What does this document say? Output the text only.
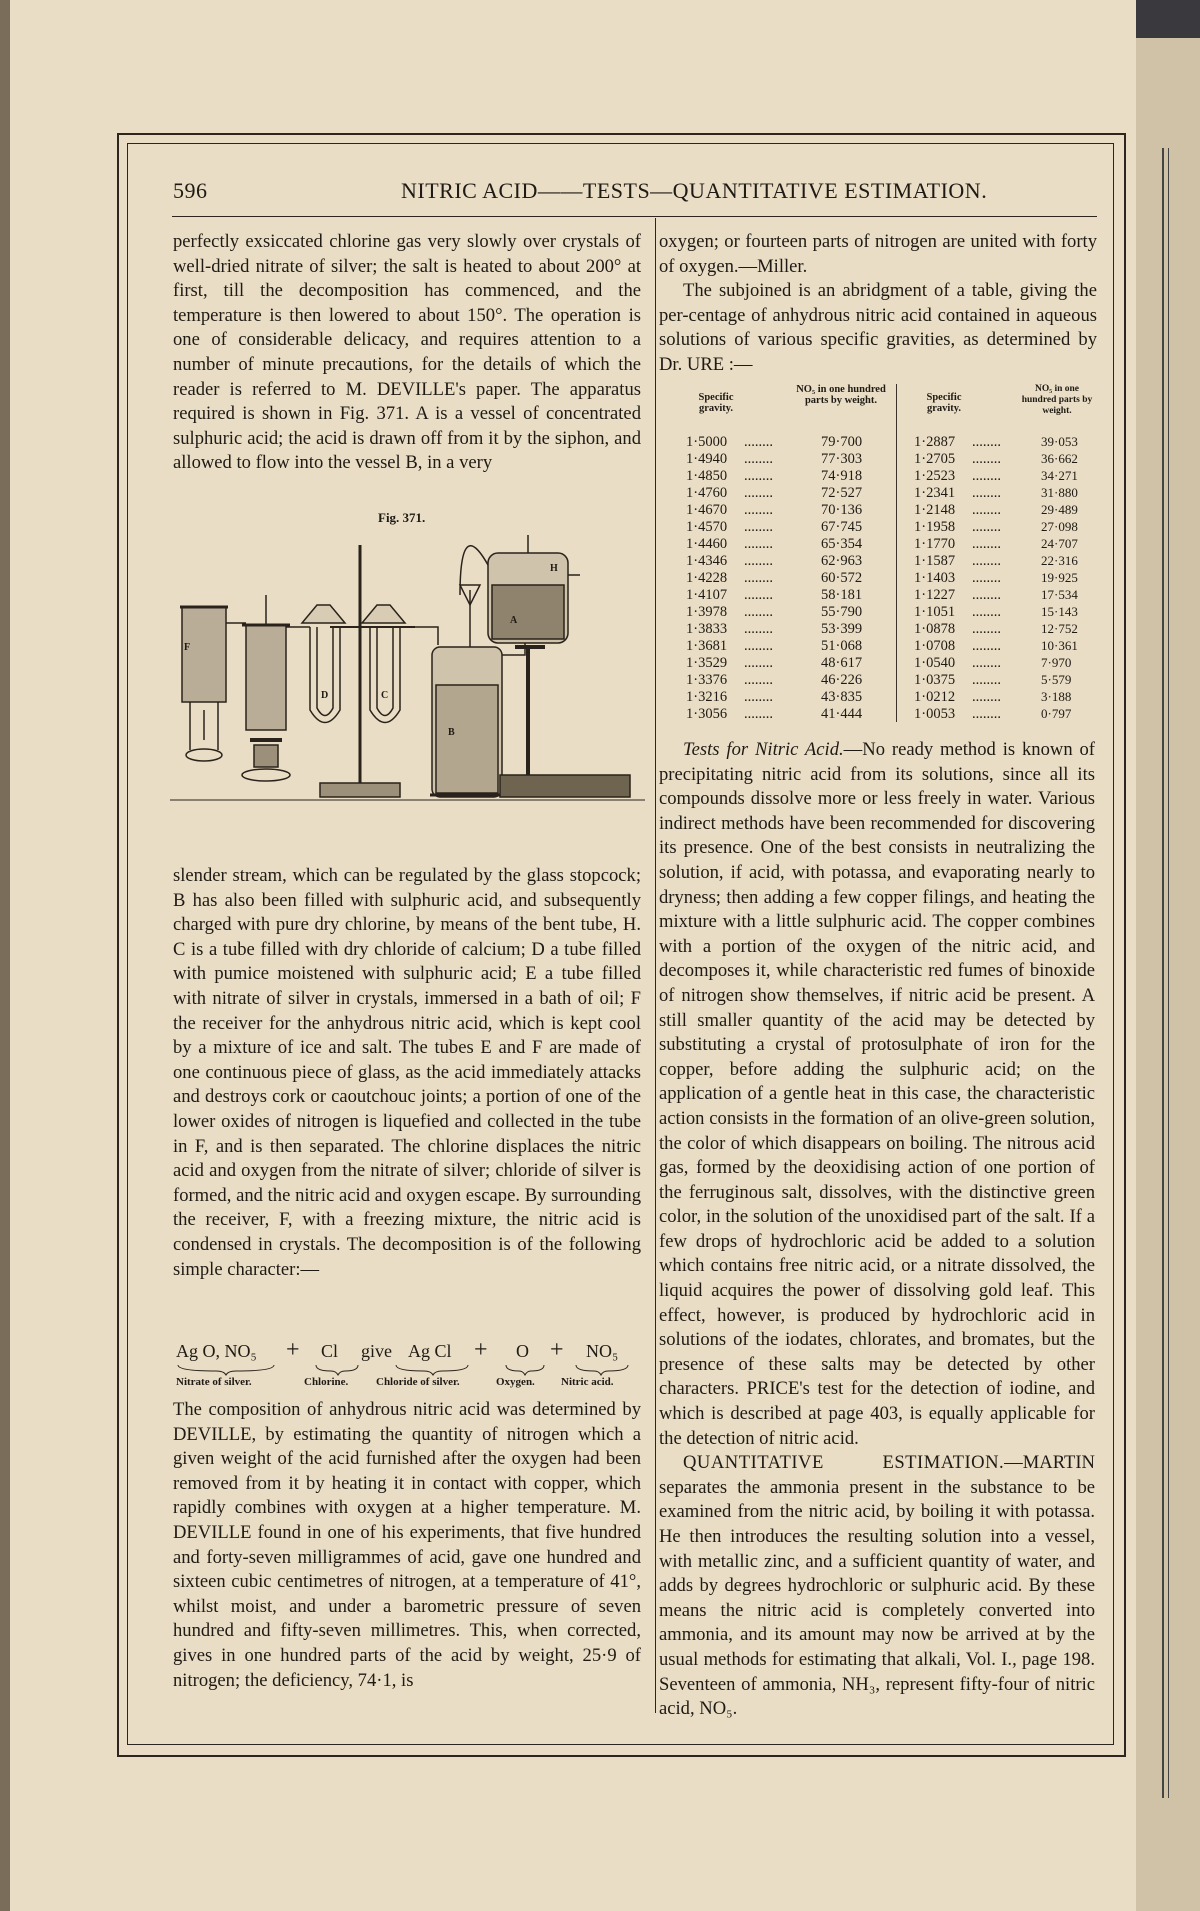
596	NITRIC ACID——TESTS—QUANTITATIVE ESTIMATION.

perfectly exsiccated chlorine gas very slowly over crystals of well-dried nitrate of silver; the salt is heated to about 200° at first, till the decomposition has commenced, and the temperature is then lowered to about 150°. The operation is one of considerable delicacy, and requires attention to a number of minute precautions, for the details of which the reader is referred to M. DEVILLE's paper. The apparatus required is shown in Fig. 371. A is a vessel of concentrated sulphuric acid; the acid is drawn off from it by the siphon, and allowed to flow into the vessel B, in a very

Fig. 371.
F
D	C
B
A
H

slender stream, which can be regulated by the glass stopcock; B has also been filled with sulphuric acid, and subsequently charged with pure dry chlorine, by means of the bent tube, H. C is a tube filled with dry chloride of calcium; D a tube filled with pumice moistened with sulphuric acid; E a tube filled with nitrate of silver in crystals, immersed in a bath of oil; F the receiver for the anhydrous nitric acid, which is kept cool by a mixture of ice and salt. The tubes E and F are made of one continuous piece of glass, as the acid immediately attacks and destroys cork or caoutchouc joints; a portion of one of the lower oxides of nitrogen is liquefied and collected in the tube in F, and is then separated. The chlorine displaces the nitric acid and oxygen from the nitrate of silver; chloride of silver is formed, and the nitric acid and oxygen escape. By surrounding the receiver, F, with a freezing mixture, the nitric acid is condensed in crystals. The decomposition is of the following simple character:—

Ag O, NO₅ + Cl give Ag Cl + O + NO₅
Nitrate of silver.	Chlorine.	Chloride of silver.	Oxygen. Nitric acid.

The composition of anhydrous nitric acid was determined by DEVILLE, by estimating the quantity of nitrogen which a given weight of the acid furnished after the oxygen had been removed from it by heating it in contact with copper, which rapidly combines with oxygen at a higher temperature. M. DEVILLE found in one of his experiments, that five hundred and forty-seven milligrammes of acid, gave one hundred and sixteen cubic centimetres of nitrogen, at a temperature of 41°, whilst moist, and under a barometric pressure of seven hundred and fifty-seven millimetres. This, when corrected, gives in one hundred parts of the acid by weight, 25·9 of nitrogen; the deficiency, 74·1, is

oxygen; or fourteen parts of nitrogen are united with forty of oxygen.—Miller.

The subjoined is an abridgment of a table, giving the per-centage of anhydrous nitric acid contained in aqueous solutions of various specific gravities, as determined by Dr. URE :—

Specific gravity.
NO₅ in one hundred parts by weight.	Specific gravity.
NO₅ in one hundred parts by weight.
1·5000 ........	79·700	1·2887 ........	39·053
1·4940 ........	77·303	1·2705 ........	36·662
1·4850 ........	74·918	1·2523 ........	34·271
1·4760 ........	72·527	1·2341 ........	31·880
1·4670 ........	70·136	1·2148 ........	29·489
1·4570 ........	67·745	1·1958 ........	27·098
1·4460 ........	65·354	1·1770 ........	24·707
1·4346 ........	62·963	1·1587 ........	22·316
1·4228 ........	60·572	1·1403 ........	19·925
1·4107 ........	58·181	1·1227 ........	17·534
1·3978 ........	55·790	1·1051 ........	15·143
1·3833 ........	53·399	1·0878 ........	12·752
1·3681 ........	51·068	1·0708 ........	10·361
1·3529 ........	48·617	1·0540 ........	7·970
1·3376 ........	46·226	1·0375 ........	5·579
1·3216 ........	43·835	1·0212 ........	3·188
1·3056 ........	41·444	1·0053 ........	0·797

Tests for Nitric Acid.—No ready method is known of precipitating nitric acid from its solutions, since all its compounds dissolve more or less freely in water. Various indirect methods have been recommended for discovering its presence. One of the best consists in neutralizing the solution, if acid, with potassa, and evaporating nearly to dryness; then adding a few copper filings, and heating the mixture with a little sulphuric acid. The copper combines with a portion of the oxygen of the nitric acid, and decomposes it, while characteristic red fumes of binoxide of nitrogen show themselves, if nitric acid be present. A still smaller quantity of the acid may be detected by substituting a crystal of protosulphate of iron for the copper, before adding the sulphuric acid; on the application of a gentle heat in this case, the characteristic action consists in the formation of an olive-green solution, the color of which disappears on boiling. The nitrous acid gas, formed by the deoxidising action of one portion of the ferruginous salt, dissolves, with the distinctive green color, in the solution of the unoxidised part of the salt. If a few drops of hydrochloric acid be added to a solution which contains free nitric acid, or a nitrate dissolved, the liquid acquires the power of dissolving gold leaf. This effect, however, is produced by hydrochloric acid in solutions of the iodates, chlorates, and bromates, but the presence of these salts may be detected by other characters. PRICE's test for the detection of iodine, and which is described at page 403, is equally applicable for the detection of nitric acid.

QUANTITATIVE ESTIMATION.—MARTIN separates the ammonia present in the substance to be examined from the nitric acid, by boiling it with potassa. He then introduces the resulting solution into a vessel, with metallic zinc, and a sufficient quantity of water, and adds by degrees hydrochloric or sulphuric acid. By these means the nitric acid is completely converted into ammonia, and its amount may now be arrived at by the usual methods for estimating that alkali, Vol. I., page 198. Seventeen of ammonia, NH₃, represent fifty-four of nitric acid, NO₅.
